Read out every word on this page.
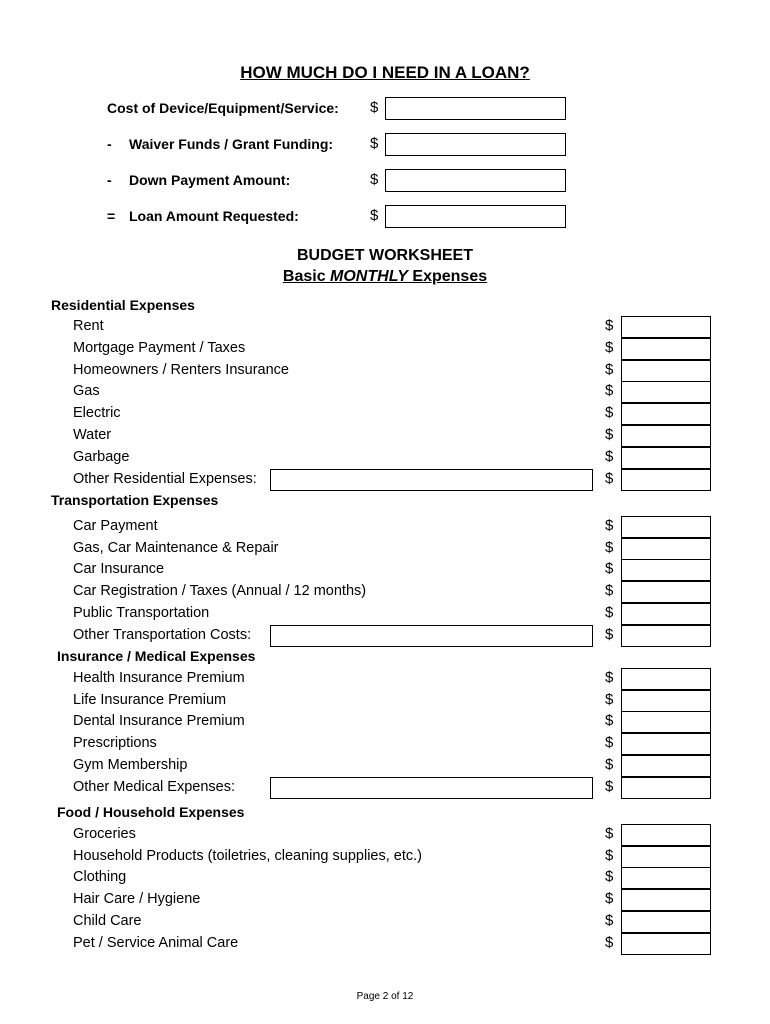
HOW MUCH DO I NEED IN A LOAN?
Cost of Device/Equipment/Service: $
- Waiver Funds / Grant Funding: $
- Down Payment Amount:	$
= Loan Amount Requested:	$
BUDGET WORKSHEET
Basic MONTHLY Expenses
Residential Expenses
Rent	$
Mortgage Payment / Taxes	$
Homeowners / Renters Insurance	$
Gas	$
Electric	$
Water	$
Garbage	$
Other Residential Expenses:	$
Transportation Expenses
Car Payment	$
Gas, Car Maintenance & Repair	$
Car Insurance	$
Car Registration / Taxes (Annual / 12 months)	$
Public Transportation	$
Other Transportation Costs:	$
Insurance / Medical Expenses
Health Insurance Premium	$
Life Insurance Premium	$
Dental Insurance Premium	$
Prescriptions	$
Gym Membership	$
Other Medical Expenses:	$
Food / Household Expenses
Groceries	$
Household Products (toiletries, cleaning supplies, etc.)	$
Clothing	$
Hair Care / Hygiene	$
Child Care	$
Pet / Service Animal Care	$
Page 2 of 12
